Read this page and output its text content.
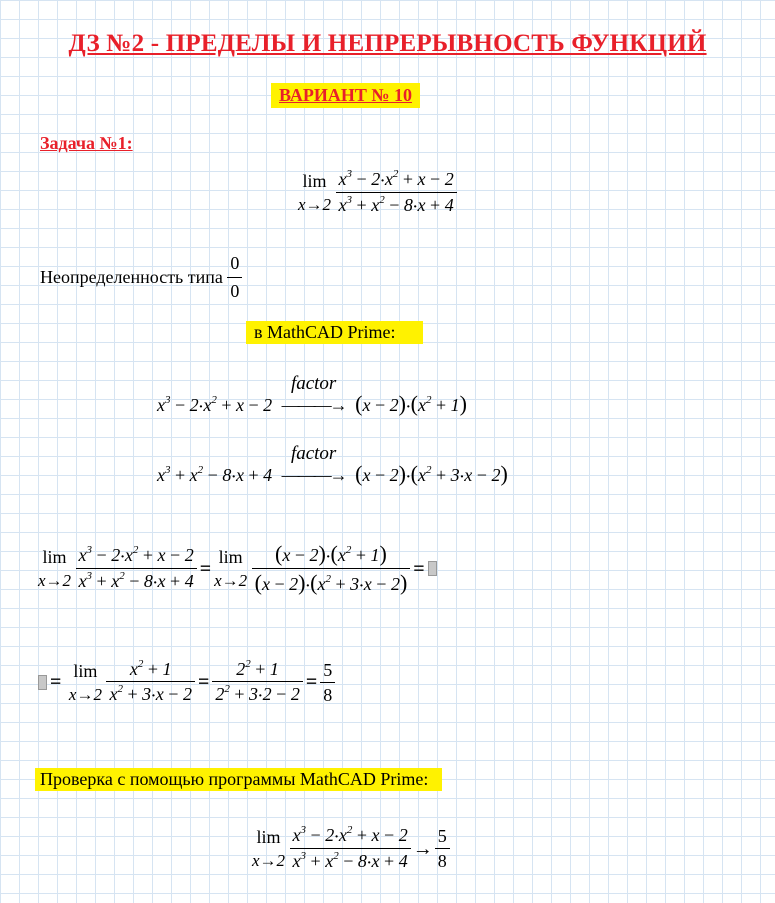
ДЗ №2 - ПРЕДЕЛЫ И НЕПРЕРЫВНОСТЬ ФУНКЦИЙ
ВАРИАНТ № 10
Задача №1:
lim
x→2
$\frac{x^3 - 2\cdot x^2 + x - 2}{x^3 + x^2 - 8\cdot x + 4}$
Неопределенность типа $\frac{0}{0}$
в MathCAD Prime:
$x^3 - 2\cdot x^2 + x - 2$
factor
———→ $(x - 2)\cdot(x^2 + 1)$
$x^3 + x^2 - 8\cdot x + 4$
factor
———→ $(x - 2)\cdot(x^2 + 3\cdot x - 2)$
lim
x→2
$\frac{x^3 - 2\cdot x^2 + x - 2}{x^3 + x^2 - 8\cdot x + 4}$ =
lim
x→2
$\frac{(x - 2)\cdot(x^2 + 1)}{(x - 2)\cdot(x^2 + 3\cdot x - 2)}$ =
=
lim
x→2
$\frac{x^2 + 1}{x^2 + 3\cdot x - 2} = \frac{2^2 + 1}{2^2 + 3\cdot 2 - 2} = \frac{5}{8}$
Проверка с помощью программы MathCAD Prime:
lim
x→2
$\frac{x^3 - 2\cdot x^2 + x - 2}{x^3 + x^2 - 8\cdot x + 4} \to \frac{5}{8}$
